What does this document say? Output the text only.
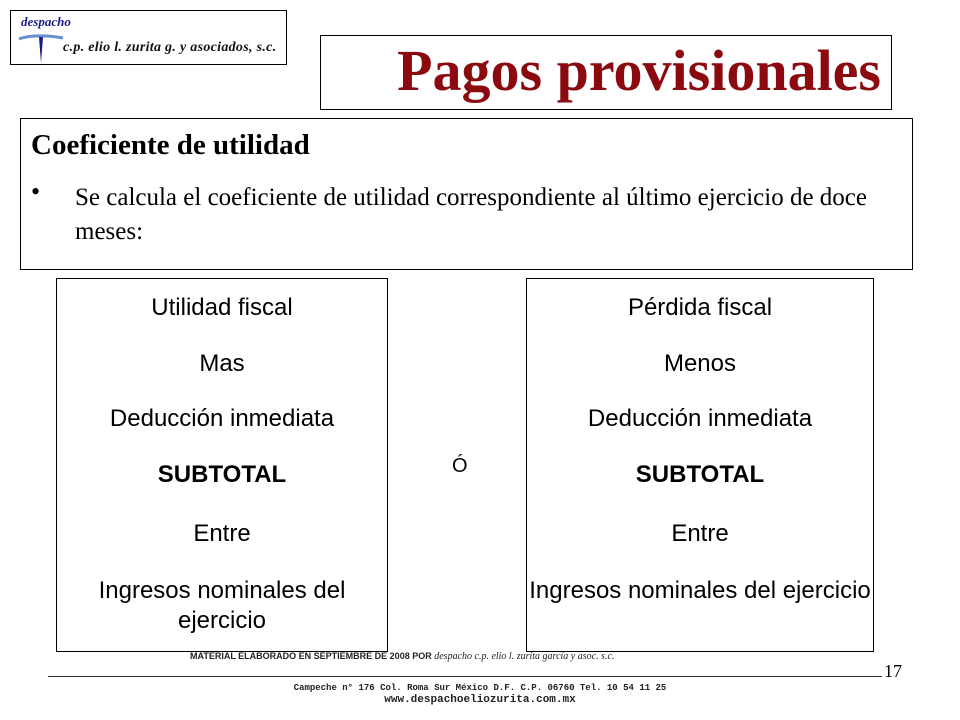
despacho
c.p. elio l. zurita g. y asociados, s.c. Pagos provisionales
Coeficiente de utilidad
• Se calcula el coeficiente de utilidad correspondiente al último ejercicio de doce meses:
Utilidad fiscal
Mas
Deducción inmediata
SUBTOTAL
Entre
Ingresos nominales del ejercicio
Ó
Pérdida fiscal
Menos
Deducción inmediata
SUBTOTAL
Entre
Ingresos nominales del ejercicio
MATERIAL ELABORADO EN SEPTIEMBRE DE 2008 POR despacho c.p. elio l. zurita garcía y asoc. s.c.
17
Campeche n° 176 Col. Roma Sur México D.F. C.P. 06760 Tel. 10 54 11 25
www.despachoeliozurita.com.mx
